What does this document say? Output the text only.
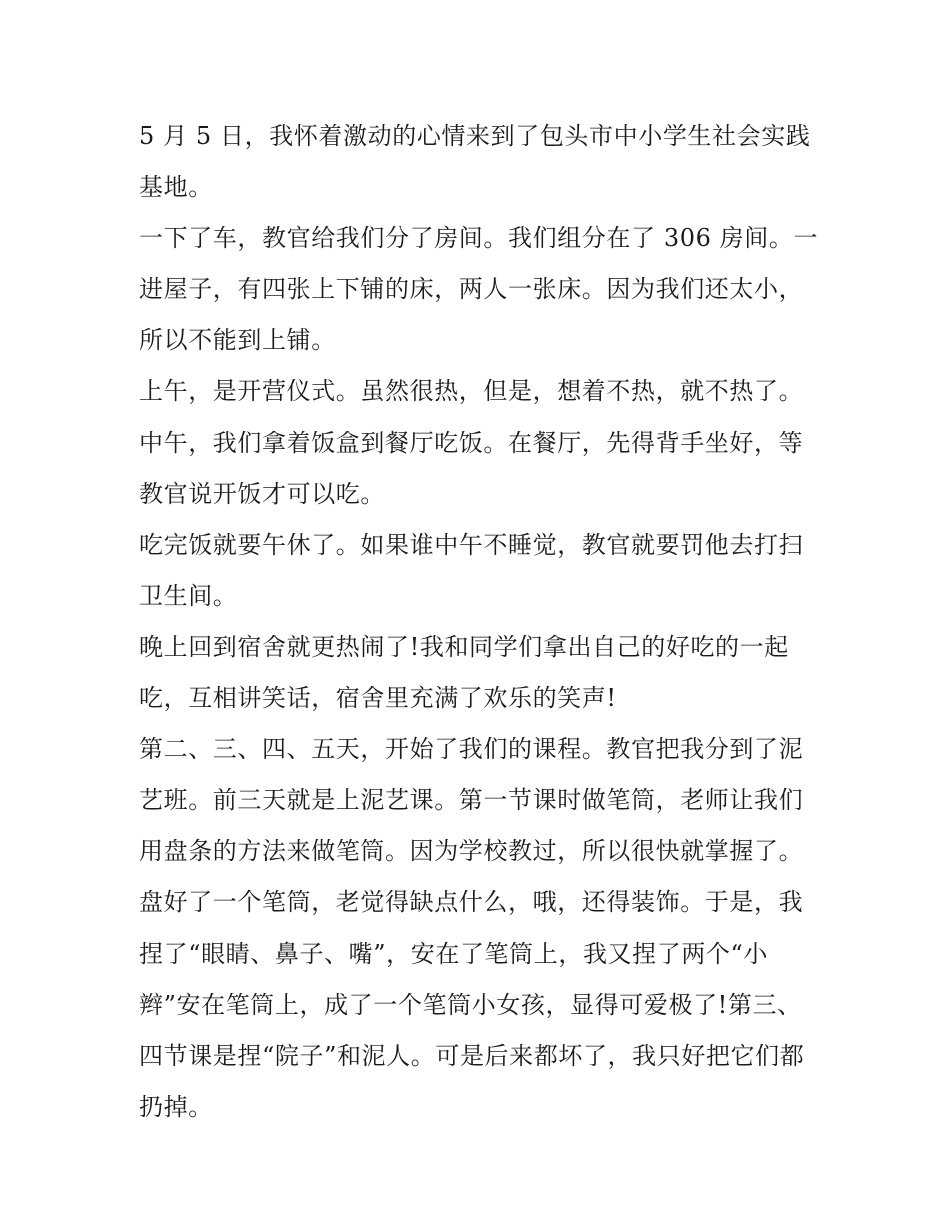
5 月 5 日，我怀着激动的心情来到了包头市中小学生社会实践
基地。
一下了车，教官给我们分了房间。我们组分在了 306 房间。一
进屋子，有四张上下铺的床，两人一张床。因为我们还太小，
所以不能到上铺。
上午，是开营仪式。虽然很热，但是，想着不热，就不热了。
中午，我们拿着饭盒到餐厅吃饭。在餐厅，先得背手坐好，等
教官说开饭才可以吃。
吃完饭就要午休了。如果谁中午不睡觉，教官就要罚他去打扫
卫生间。
晚上回到宿舍就更热闹了!我和同学们拿出自己的好吃的一起
吃，互相讲笑话，宿舍里充满了欢乐的笑声!
第二、三、四、五天，开始了我们的课程。教官把我分到了泥
艺班。前三天就是上泥艺课。第一节课时做笔筒，老师让我们
用盘条的方法来做笔筒。因为学校教过，所以很快就掌握了。
盘好了一个笔筒，老觉得缺点什么，哦，还得装饰。于是，我
捏了“眼睛、鼻子、嘴”，安在了笔筒上，我又捏了两个“小
辫”安在笔筒上，成了一个笔筒小女孩，显得可爱极了!第三、
四节课是捏“院子”和泥人。可是后来都坏了，我只好把它们都
扔掉。
